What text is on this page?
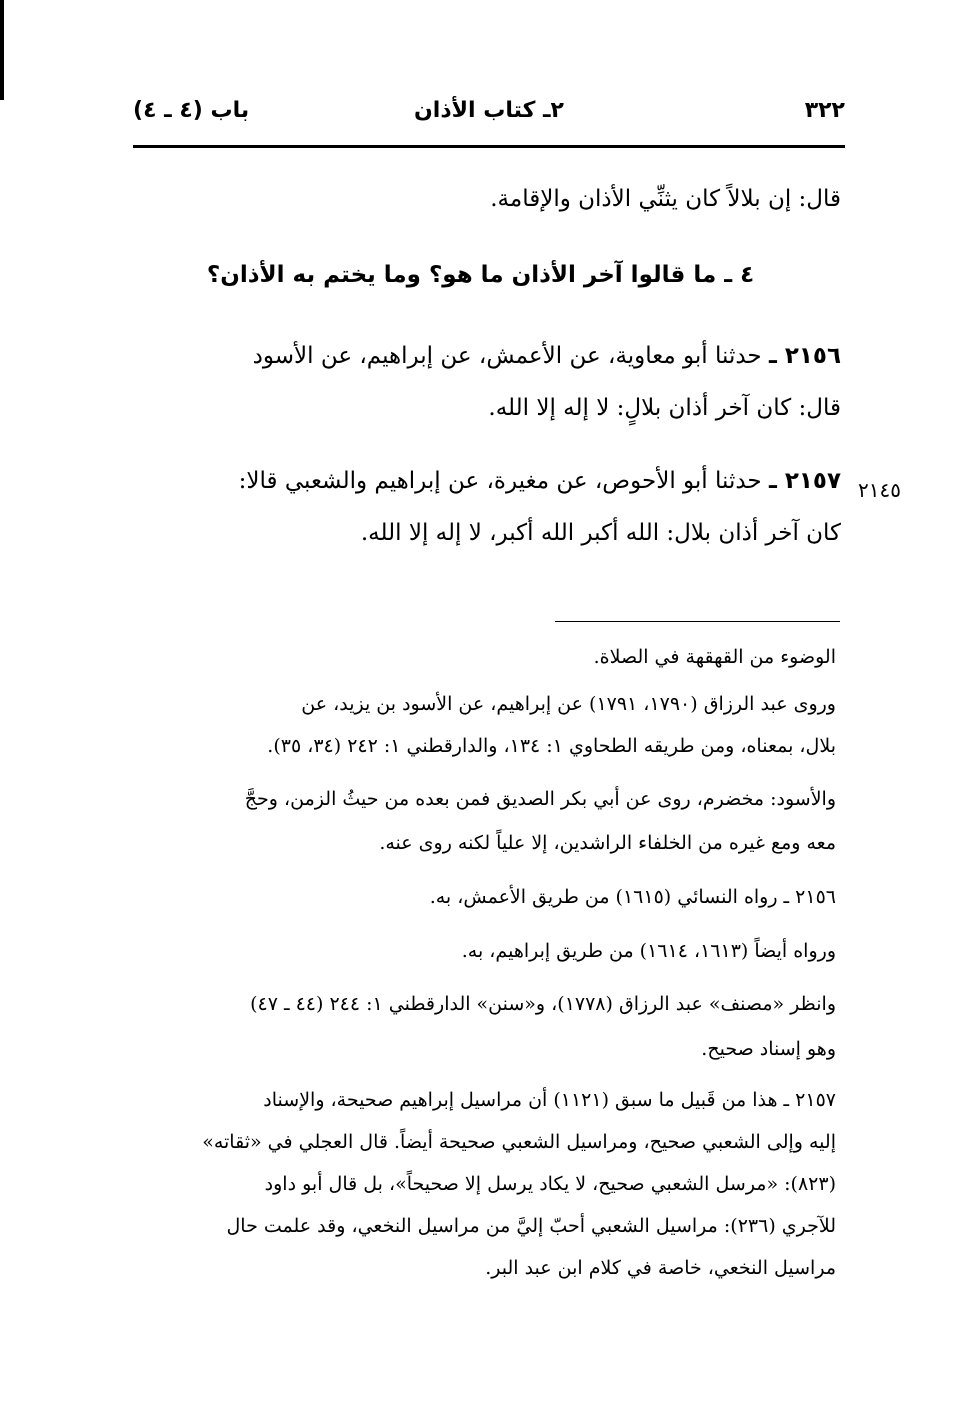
٣٢٢
٢ـ كتاب الأذان
باب (٤ ـ ٤)
قال: إن بلالاً كان يثنِّي الأذان والإقامة.
٤ ـ ما قالوا آخر الأذان ما هو؟ وما يختم به الأذان؟
٢١٥٦ ـ حدثنا أبو معاوية، عن الأعمش، عن إبراهيم، عن الأسود
قال: كان آخر أذان بلالٍ: لا إله إلا الله.
٢١٥٧ ـ حدثنا أبو الأحوص، عن مغيرة، عن إبراهيم والشعبي قالا:
كان آخر أذان بلال: الله أكبر الله أكبر، لا إله إلا الله.
٢١٤٥
الوضوء من القهقهة في الصلاة.
وروى عبد الرزاق (١٧٩٠، ١٧٩١) عن إبراهيم، عن الأسود بن يزيد، عن
بلال، بمعناه، ومن طريقه الطحاوي ١: ١٣٤، والدارقطني ١: ٢٤٢ (٣٤، ٣٥).
والأسود: مخضرم، روى عن أبي بكر الصديق فمن بعده من حيثُ الزمن، وحجَّ
معه ومع غيره من الخلفاء الراشدين، إلا علياً لكنه روى عنه.
٢١٥٦ ـ رواه النسائي (١٦١٥) من طريق الأعمش، به.
ورواه أيضاً (١٦١٣، ١٦١٤) من طريق إبراهيم، به.
وانظر «مصنف» عبد الرزاق (١٧٧٨)، و«سنن» الدارقطني ١: ٢٤٤ (٤٤ ـ ٤٧)
وهو إسناد صحيح.
٢١٥٧ ـ هذا من قَبيل ما سبق (١١٢١) أن مراسيل إبراهيم صحيحة، والإسناد
إليه وإلى الشعبي صحيح، ومراسيل الشعبي صحيحة أيضاً. قال العجلي في «ثقاته»
(٨٢٣): «مرسل الشعبي صحيح، لا يكاد يرسل إلا صحيحاً»، بل قال أبو داود
للآجري (٢٣٦): مراسيل الشعبي أحبّ إليَّ من مراسيل النخعي، وقد علمت حال
مراسيل النخعي، خاصة في كلام ابن عبد البر.
